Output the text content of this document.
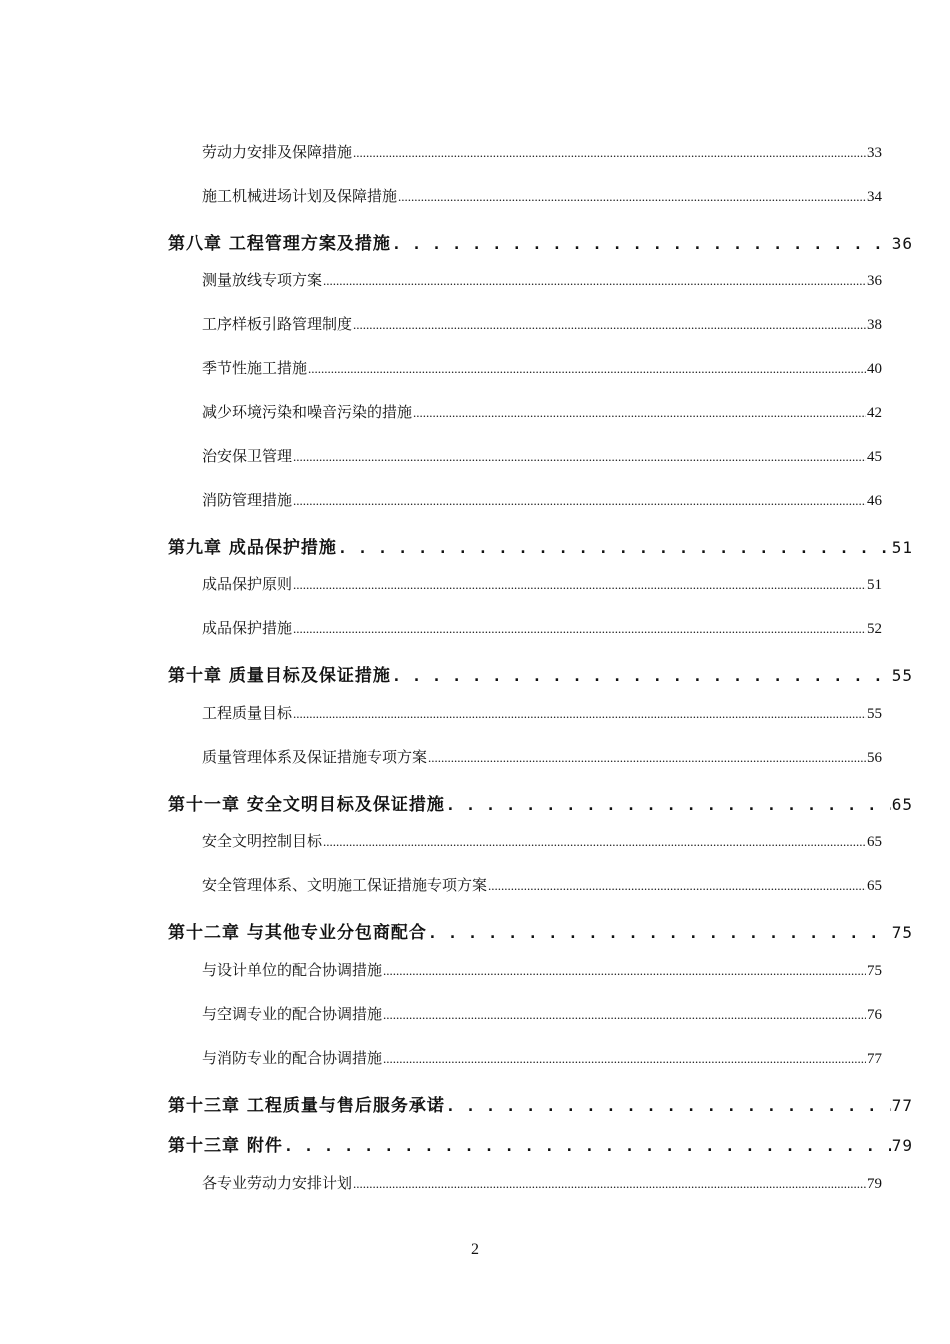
劳动力安排及保障措施 .....	33
施工机械进场计划及保障措施 .....	34
第八章 工程管理方案及措施 . . .	36
测量放线专项方案 .....	36
工序样板引路管理制度 .....	38
季节性施工措施 .....	40
减少环境污染和噪音污染的措施 .....	42
治安保卫管理 .....	45
消防管理措施 .....	46
第九章 成品保护措施 . . .	51
成品保护原则 .....	51
成品保护措施 .....	52
第十章 质量目标及保证措施 . . .	55
工程质量目标 .....	55
质量管理体系及保证措施专项方案 .....	56
第十一章 安全文明目标及保证措施 . . .	65
安全文明控制目标 .....	65
安全管理体系、文明施工保证措施专项方案 .....	65
第十二章 与其他专业分包商配合 . . .	75
与设计单位的配合协调措施 .....	75
与空调专业的配合协调措施 .....	76
与消防专业的配合协调措施 .....	77
第十三章 工程质量与售后服务承诺 . . .	77
第十三章 附件 . . .	79
各专业劳动力安排计划 .....	79
2
